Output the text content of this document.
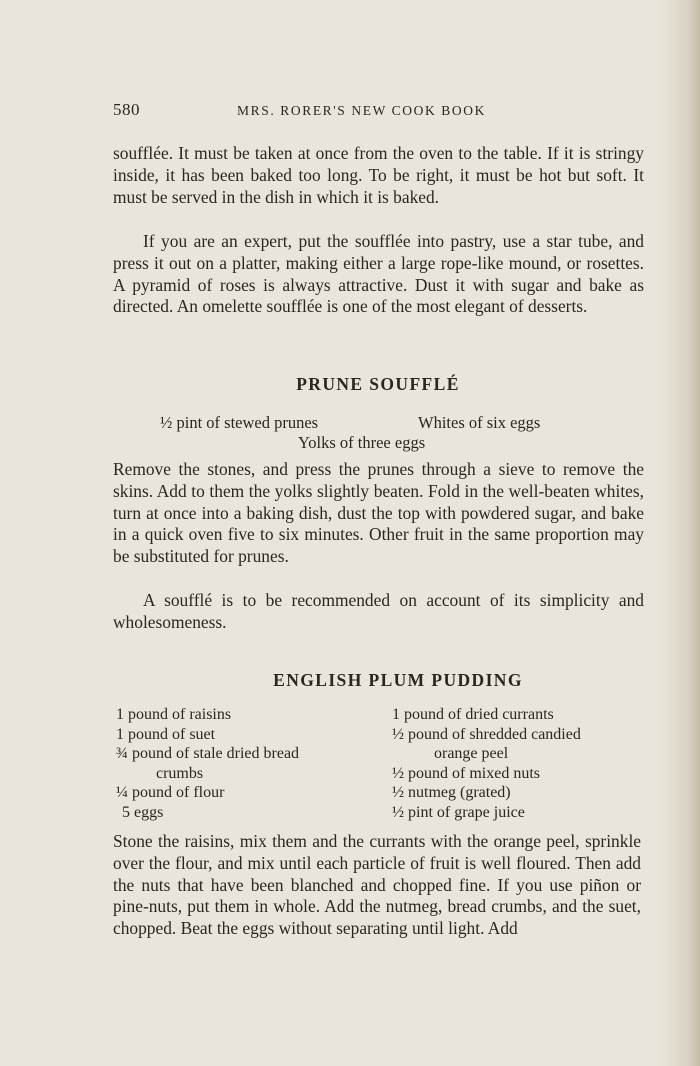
580	MRS. RORER'S NEW COOK BOOK

soufflée. It must be taken at once from the oven to the table. If it is stringy inside, it has been baked too long. To be right, it must be hot but soft. It must be served in the dish in which it is baked.

If you are an expert, put the soufflée into pastry, use a star tube, and press it out on a platter, making either a large rope-like mound, or rosettes. A pyramid of roses is always attractive. Dust it with sugar and bake as directed. An omelette soufflée is one of the most elegant of desserts.

PRUNE SOUFFLÉ
½ pint of stewed prunes	Whites of six eggs
Yolks of three eggs

Remove the stones, and press the prunes through a sieve to remove the skins. Add to them the yolks slightly beaten. Fold in the well-beaten whites, turn at once into a baking dish, dust the top with powdered sugar, and bake in a quick oven five to six minutes. Other fruit in the same proportion may be substituted for prunes.

A soufflé is to be recommended on account of its simplicity and wholesomeness.

ENGLISH PLUM PUDDING
1 pound of raisins
1 pound of suet
¾ pound of stale dried bread
crumbs
¼ pound of flour
5 eggs
1 pound of dried currants
½ pound of shredded candied
orange peel
½ pound of mixed nuts
½ nutmeg (grated)
½ pint of grape juice

Stone the raisins, mix them and the currants with the orange peel, sprinkle over the flour, and mix until each particle of fruit is well floured. Then add the nuts that have been blanched and chopped fine. If you use piñon or pine-nuts, put them in whole. Add the nutmeg, bread crumbs, and the suet, chopped. Beat the eggs without separating until light. Add
